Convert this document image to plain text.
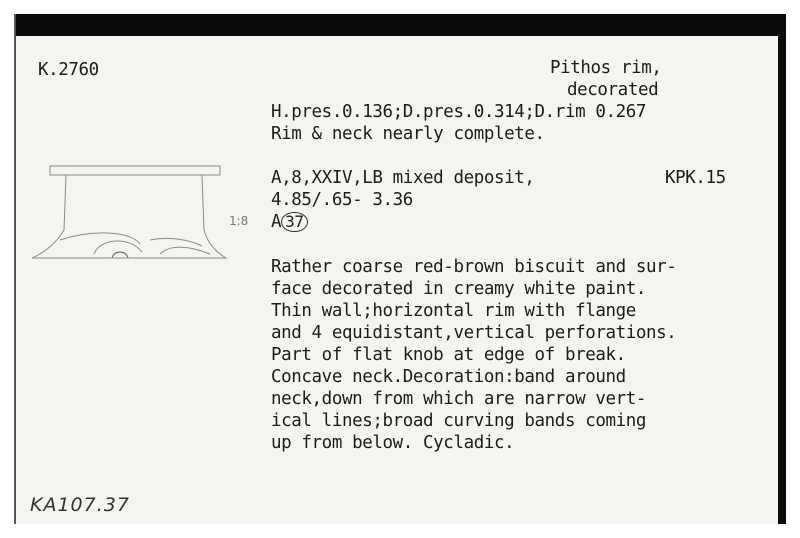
K.2760	Pithos rim,
decorated
H.pres.0.136;D.pres.0.314;D.rim 0.267
Rim & neck nearly complete.
A,8,XXIV,LB mixed deposit,	KPK.15
4.85/.65- 3.36
A 37
1:8
Rather coarse red-brown biscuit and sur-
face decorated in creamy white paint.
Thin wall;horizontal rim with flange
and 4 equidistant,vertical perforations.
Part of flat knob at edge of break.
Concave neck.Decoration:band around
neck,down from which are narrow vert-
ical lines;broad curving bands coming
up from below. Cycladic.
KA107.37
